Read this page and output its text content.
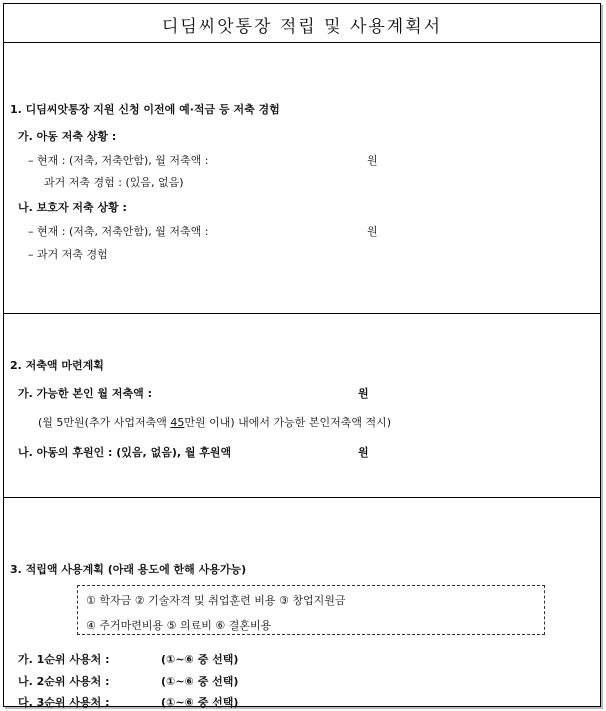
디딤씨앗통장 적립 및 사용계획서
1. 디딤씨앗통장 지원 신청 이전에 예·적금 등 저축 경험
가. 아동 저축 상황 :
– 현재 : (저축, 저축안함), 월 저축액 :	원
과거 저축 경험 : (있음, 없음)
나. 보호자 저축 상황 :
– 현재 : (저축, 저축안함), 월 저축액 :	원
– 과거 저축 경험
2. 저축액 마련계획
가. 가능한 본인 월 저축액 :	원
(월 5만원(추가 사업저축액 45만원 이내) 내에서 가능한 본인저축액 적시)
나. 아동의 후원인 : (있음, 없음), 월 후원액	원
3. 적립액 사용계획 (아래 용도에 한해 사용가능)
① 학자금 ② 기술자격 및 취업훈련 비용 ③ 창업지원금
④ 주거마련비용 ⑤ 의료비 ⑥ 결혼비용
가. 1순위 사용처 :	(①~⑥ 중 선택)
나. 2순위 사용처 :	(①~⑥ 중 선택)
다. 3순위 사용처 :	(①~⑥ 중 선택)
